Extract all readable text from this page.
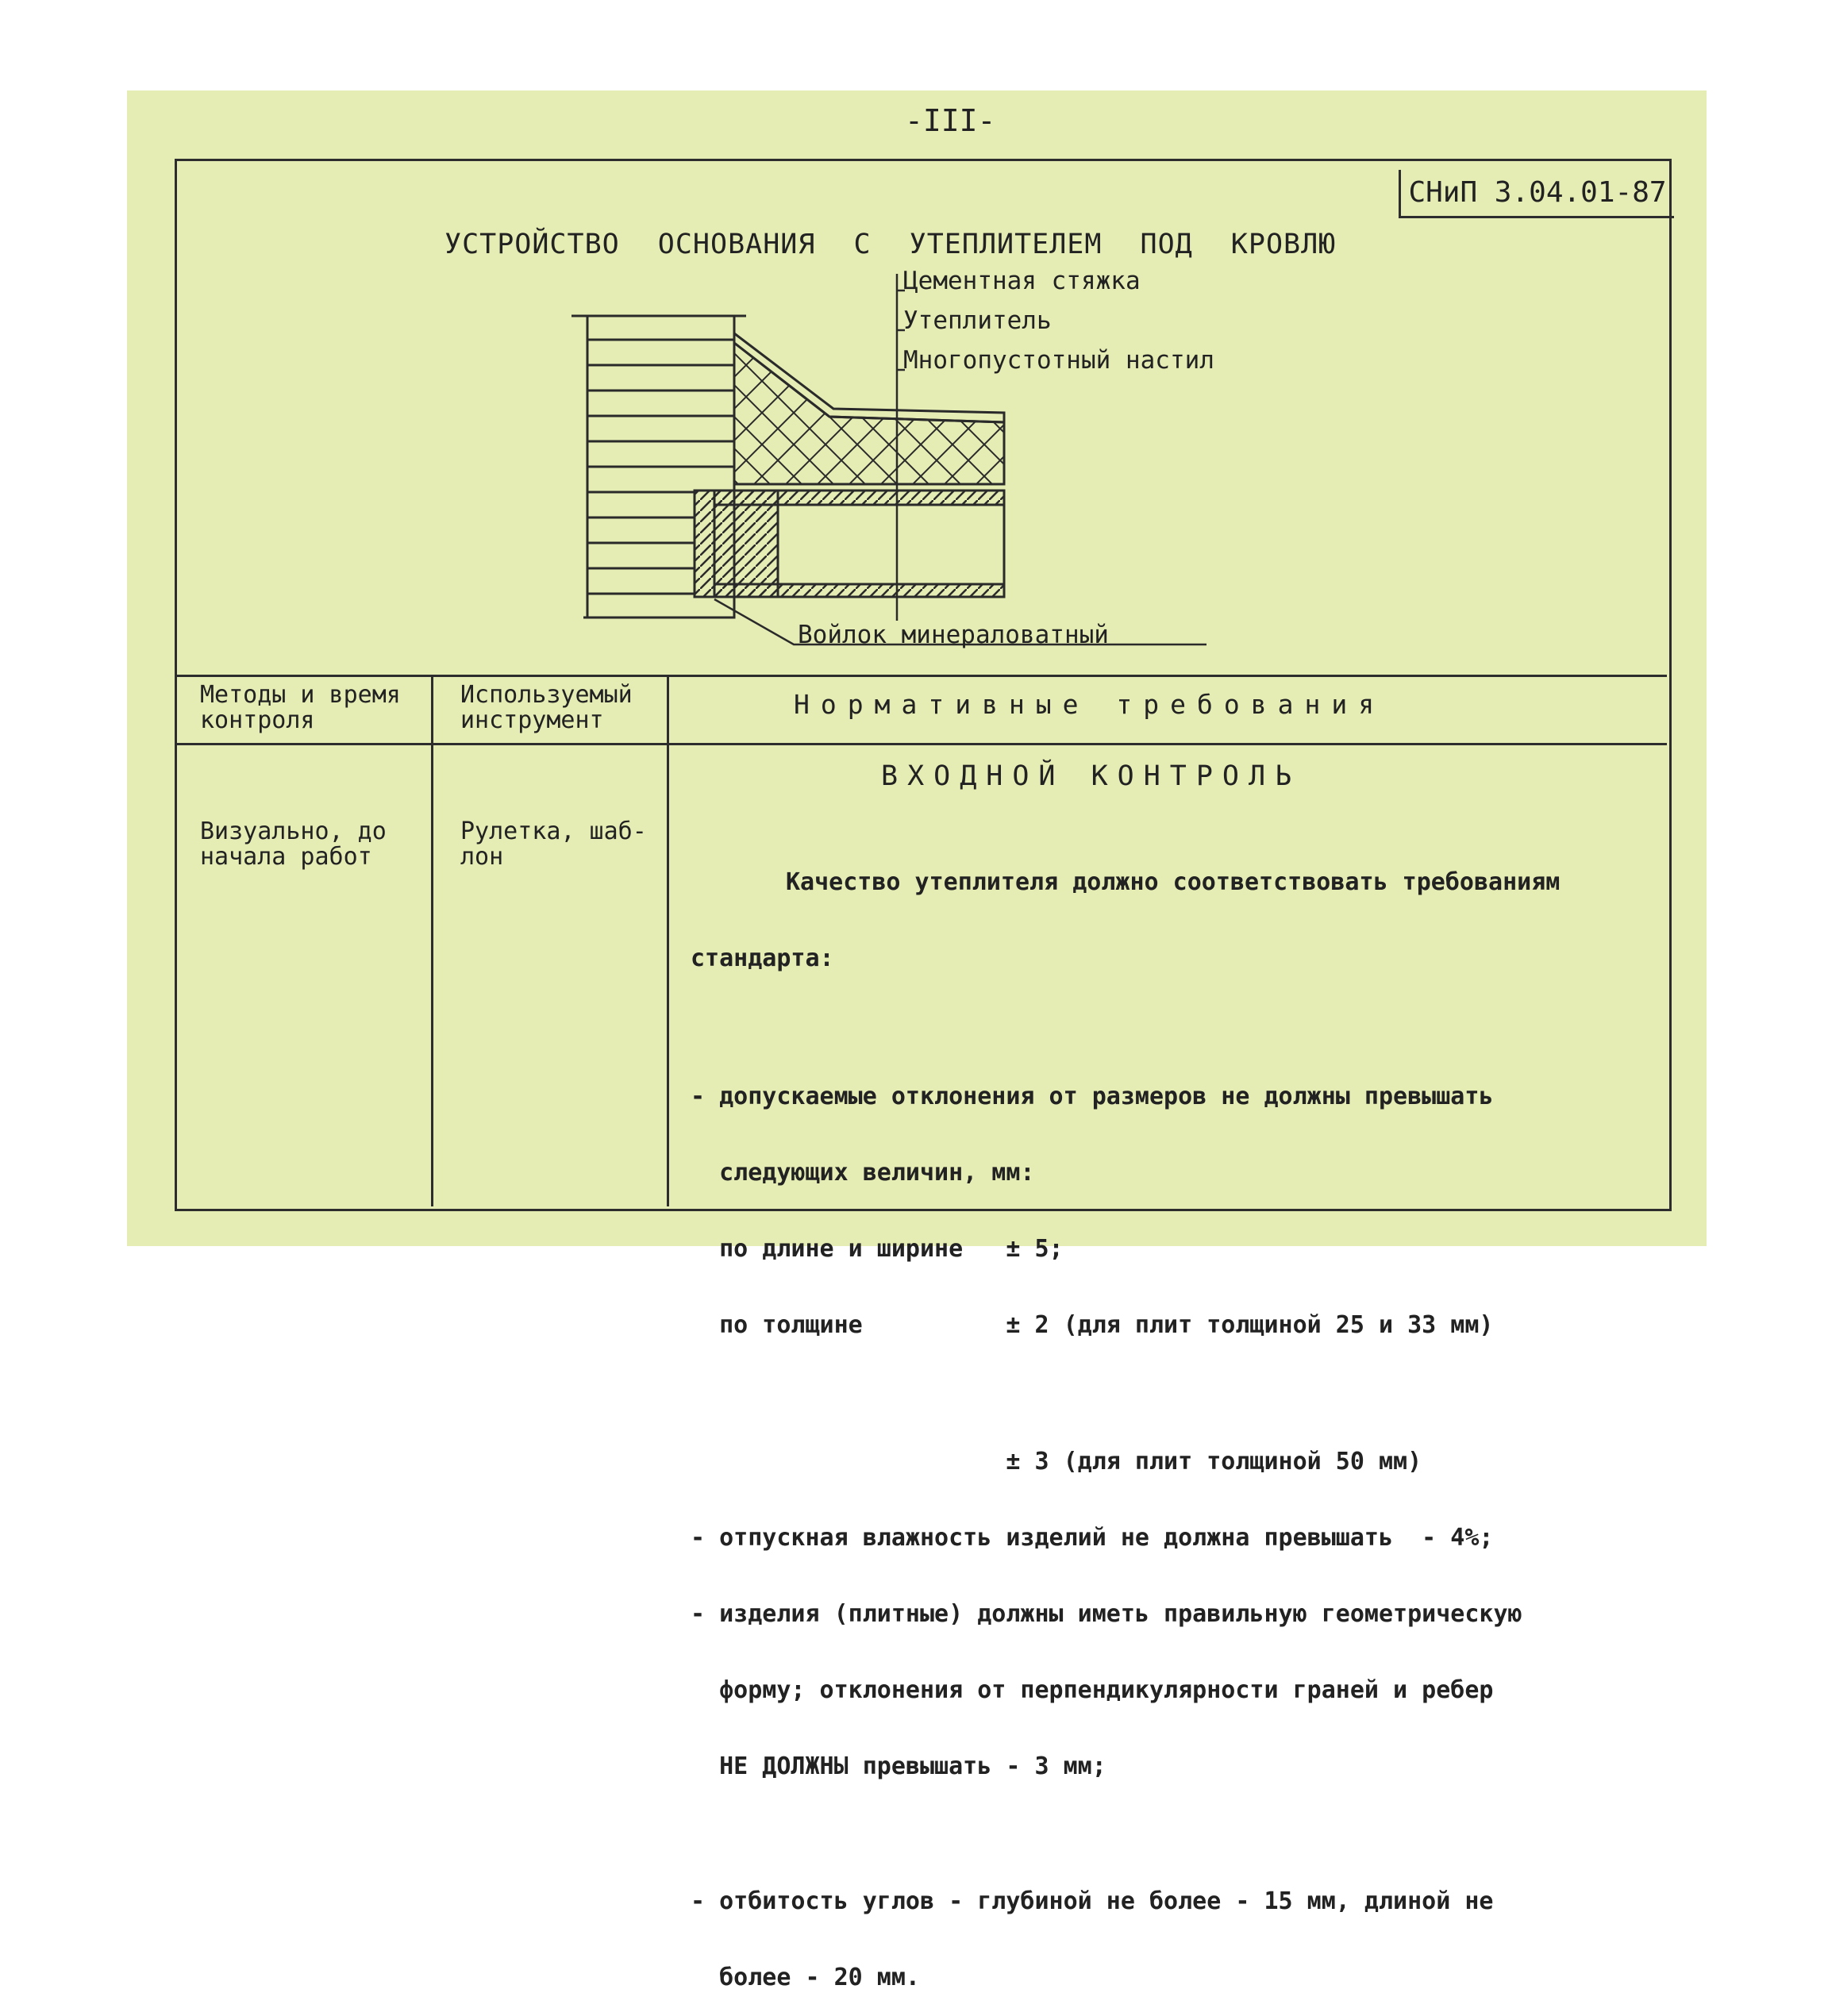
-III-
СНиП 3.04.01-87
УСТРОЙСТВО ОСНОВАНИЯ С УТЕПЛИТЕЛЕМ ПОД КРОВЛЮ
Цементная стяжка
Утеплитель
Многопустотный настил
Войлок минераловатный
Методы и время
контроля
Используемый
инструмент
Нормативные требования
ВХОДНОЙ КОНТРОЛЬ
Визуально, до
начала работ
Рулетка, шаб-
лон

Качество утеплителя должно соответствовать требованиям

стандарта:

- допускаемые отклонения от размеров не должны превышать

следующих величин, мм:

по длине и ширине   ± 5;

по толщине          ± 2 (для плит толщиной 25 и 33 мм)

± 3 (для плит толщиной 50 мм)

- отпускная влажность изделий не должна превышать  - 4%;

- изделия (плитные) должны иметь правильную геометрическую

форму; отклонения от перпендикулярности граней и ребер

НЕ ДОЛЖНЫ превышать - 3 мм;

- отбитость углов - глубиной не более - 15 мм, длиной не

более - 20 мм.
